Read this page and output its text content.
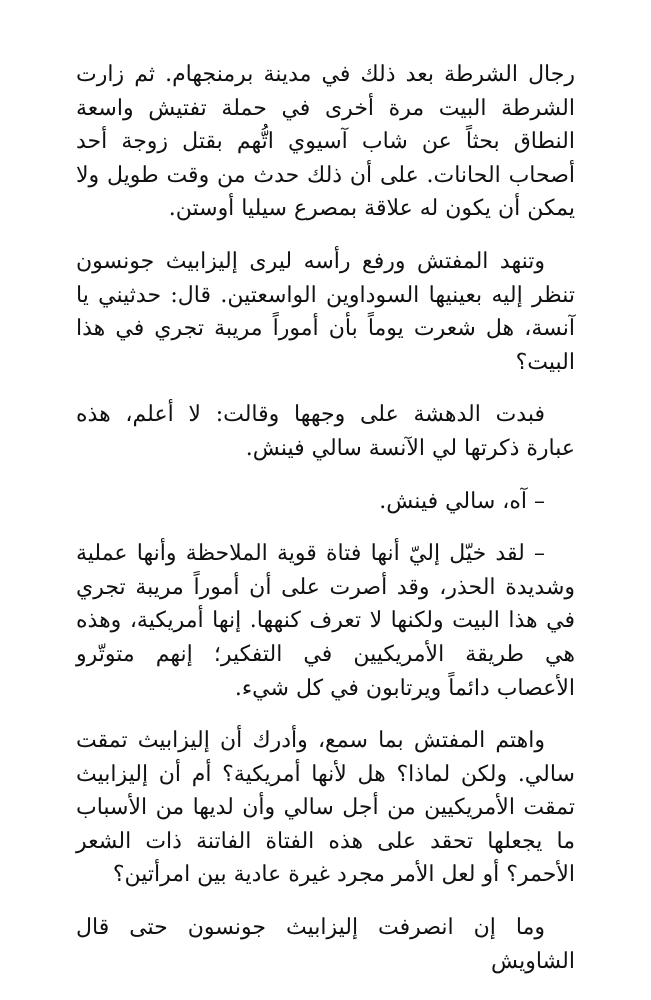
رجال الشرطة بعد ذلك في مدينة برمنجهام. ثم زارت الشرطة البيت مرة أخرى في حملة تفتيش واسعة النطاق بحثاً عن شاب آسيوي اتُّهم بقتل زوجة أحد أصحاب الحانات. على أن ذلك حدث من وقت طويل ولا يمكن أن يكون له علاقة بمصرع سيليا أوستن.

وتنهد المفتش ورفع رأسه ليرى إليزابيث جونسون تنظر إليه بعينيها السوداوين الواسعتين. قال: حدثيني يا آنسة، هل شعرت يوماً بأن أموراً مريبة تجري في هذا البيت؟

فبدت الدهشة على وجهها وقالت: لا أعلم، هذه عبارة ذكرتها لي الآنسة سالي فينش.

– آه، سالي فينش.

– لقد خيّل إليّ أنها فتاة قوية الملاحظة وأنها عملية وشديدة الحذر، وقد أصرت على أن أموراً مريبة تجري في هذا البيت ولكنها لا تعرف كنهها. إنها أمريكية، وهذه هي طريقة الأمريكيين في التفكير؛ إنهم متوتّرو الأعصاب دائماً ويرتابون في كل شيء.

واهتم المفتش بما سمع، وأدرك أن إليزابيث تمقت سالي. ولكن لماذا؟ هل لأنها أمريكية؟ أم أن إليزابيث تمقت الأمريكيين من أجل سالي وأن لديها من الأسباب ما يجعلها تحقد على هذه الفتاة الفاتنة ذات الشعر الأحمر؟ أو لعل الأمر مجرد غيرة عادية بين امرأتين؟

وما إن انصرفت إليزابيث جونسون حتى قال الشاويش
